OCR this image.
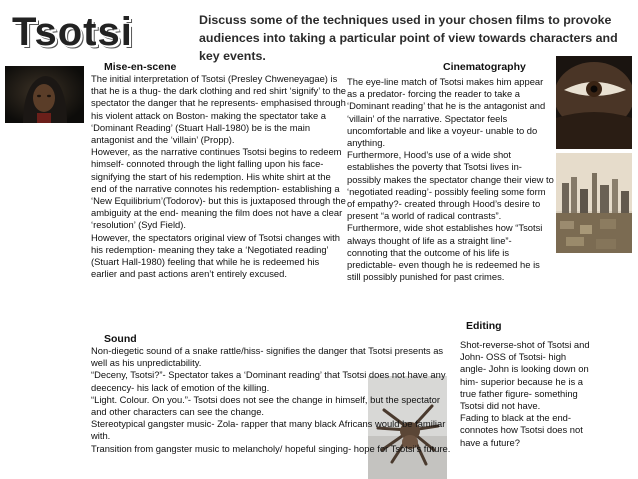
Tsotsi	Discuss some of the techniques used in your chosen films to provoke audiences into taking a particular point of view towards characters and key events.
Mise-en-scene

The initial interpretation of Tsotsi (Presley Chweneyagae) is that he is a thug- the dark clothing and red shirt ‘signify’ to the spectator the danger that he represents- emphasised through his violent attack on Boston- making the spectator take a ‘Dominant Reading’ (Stuart Hall-1980) be is the main antagonist and the ‘villain’ (Propp).

However, as the narrative continues Tsotsi begins to redeem himself- connoted through the light falling upon his face- signifying the start of his redemption. His white shirt at the end of the narrative connotes his redemption- establishing a ‘New Equilibrium’(Todorov)- but this is juxtaposed through the ambiguity at the end- meaning the film does not have a clear ‘resolution’ (Syd Field).

However, the spectators original view of Tsotsi changes with his redemption- meaning they take a ‘Negotiated reading’ (Stuart Hall-1980) feeling that while he is redeemed his earlier and past actions aren’t entirely excused.

Cinematography

The eye-line match of Tsotsi makes him appear as a predator- forcing the reader to take a ‘Dominant reading’ that he is the antagonist and ‘villain’ of the narrative. Spectator feels uncomfortable and like a voyeur- unable to do anything.

Furthermore, Hood’s use of a wide shot establishes the poverty that Tsotsi lives in- possibly makes the spectator change their view to ‘negotiated reading’- possibly feeling some form of empathy?- created through Hood’s desire to present “a world of radical contrasts”.

Furthermore, wide shot establishes how “Tsotsi always thought of life as a straight line”- connoting that the outcome of his life is predictable- even though he is redeemed he is still possibly punished for past crimes.

Sound

Non-diegetic sound of a snake rattle/hiss- signifies the danger that Tsotsi presents as well as his unpredictability.

“Deceny, Tsotsi?”- Spectator takes a ‘Dominant reading’ that Tsotsi does not have any deecency- his lack of emotion of the killing.

“Light. Colour. On you.”- Tsotsi does not see the change in himself, but the spectator and other characters can see the change.

Stereotypical gangster music- Zola- rapper that many black Africans would be familiar with.

Transition from gangster music to melancholy/ hopeful singing- hope for Tsotsi’s future.

Editing

Shot-reverse-shot of Tsotsi and John- OSS of Tsotsi- high angle- John is looking down on him- superior because he is a true father figure- something Tsotsi did not have.

Fading to black at the end- connotes how Tsotsi does not have a future?
